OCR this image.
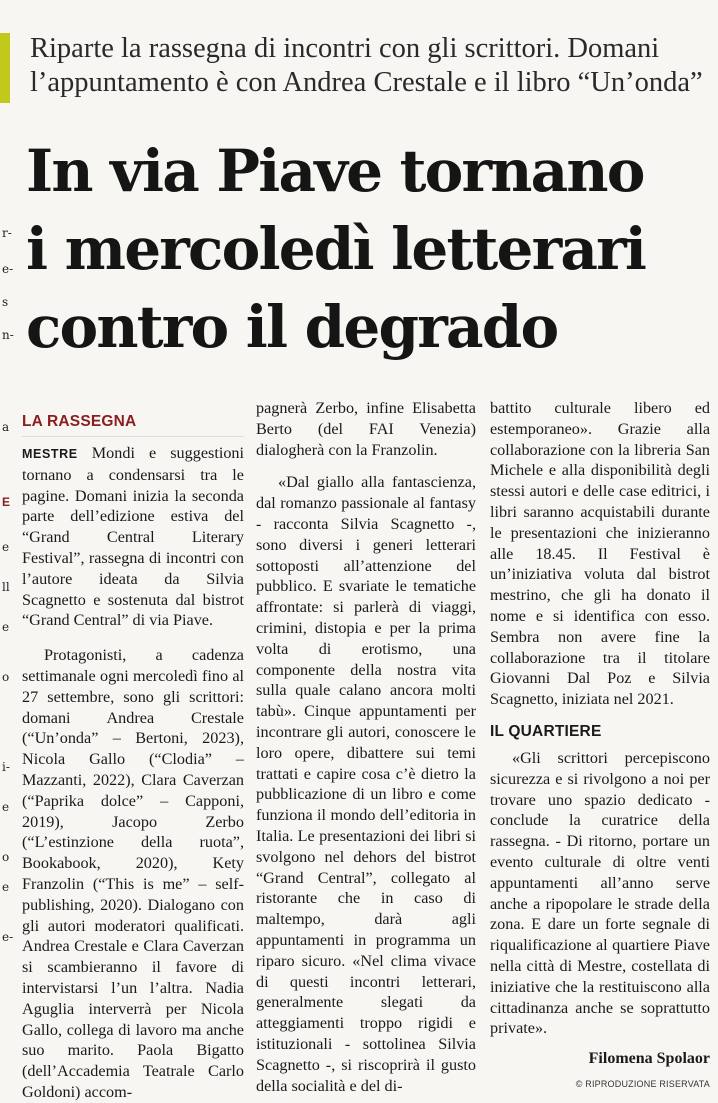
r-
e-
s
n-
a
E
e
ll
e
o
i-
e
o
e
e-
Riparte la rassegna di incontri con gli scrittori. Domani l’appuntamento è con Andrea Crestale e il libro “Un’onda”
In via Piave tornano
i mercoledì letterari
contro il degrado
LA RASSEGNA

MESTRE Mondi e suggestioni tornano a condensarsi tra le pagine. Domani inizia la seconda parte dell’edizione estiva del “Grand Central Literary Festival”, rassegna di incontri con l’autore ideata da Silvia Scagnetto e sostenuta dal bistrot “Grand Central” di via Piave.

Protagonisti, a cadenza settimanale ogni mercoledì fino al 27 settembre, sono gli scrittori: domani Andrea Crestale (“Un’onda” – Bertoni, 2023), Nicola Gallo (“Clodia” – Mazzanti, 2022), Clara Caverzan (“Paprika dolce” – Capponi, 2019), Jacopo Zerbo (“L’estinzione della ruota”, Bookabook, 2020), Kety Franzolin (“This is me” – self-publishing, 2020). Dialogano con gli autori moderatori qualificati. Andrea Crestale e Clara Caverzan si scambieranno il favore di intervistarsi l’un l’altra. Nadia Aguglia interverrà per Nicola Gallo, collega di lavoro ma anche suo marito. Paola Bigatto (dell’Accademia Teatrale Carlo Goldoni) accom-

pagnerà Zerbo, infine Elisabetta Berto (del FAI Venezia) dialogherà con la Franzolin.

«Dal giallo alla fantascienza, dal romanzo passionale al fantasy - racconta Silvia Scagnetto -, sono diversi i generi letterari sottoposti all’attenzione del pubblico. E svariate le tematiche affrontate: si parlerà di viaggi, crimini, distopia e per la prima volta di erotismo, una componente della nostra vita sulla quale calano ancora molti tabù». Cinque appuntamenti per incontrare gli autori, conoscere le loro opere, dibattere sui temi trattati e capire cosa c’è dietro la pubblicazione di un libro e come funziona il mondo dell’editoria in Italia. Le presentazioni dei libri si svolgono nel dehors del bistrot “Grand Central”, collegato al ristorante che in caso di maltempo, darà agli appuntamenti in programma un riparo sicuro. «Nel clima vivace di questi incontri letterari, generalmente slegati da atteggiamenti troppo rigidi e istituzionali - sottolinea Silvia Scagnetto -, si riscoprirà il gusto della socialità e del di-

battito culturale libero ed estemporaneo». Grazie alla collaborazione con la libreria San Michele e alla disponibilità degli stessi autori e delle case editrici, i libri saranno acquistabili durante le presentazioni che inizieranno alle 18.45. Il Festival è un’iniziativa voluta dal bistrot mestrino, che gli ha donato il nome e si identifica con esso. Sembra non avere fine la collaborazione tra il titolare Giovanni Dal Poz e Silvia Scagnetto, iniziata nel 2021.

IL QUARTIERE

«Gli scrittori percepiscono sicurezza e si rivolgono a noi per trovare uno spazio dedicato - conclude la curatrice della rassegna. - Di ritorno, portare un evento culturale di oltre venti appuntamenti all’anno serve anche a ripopolare le strade della zona. E dare un forte segnale di riqualificazione al quartiere Piave nella città di Mestre, costellata di iniziative che la restituiscono alla cittadinanza anche se soprattutto private».

Filomena Spolaor
© RIPRODUZIONE RISERVATA
